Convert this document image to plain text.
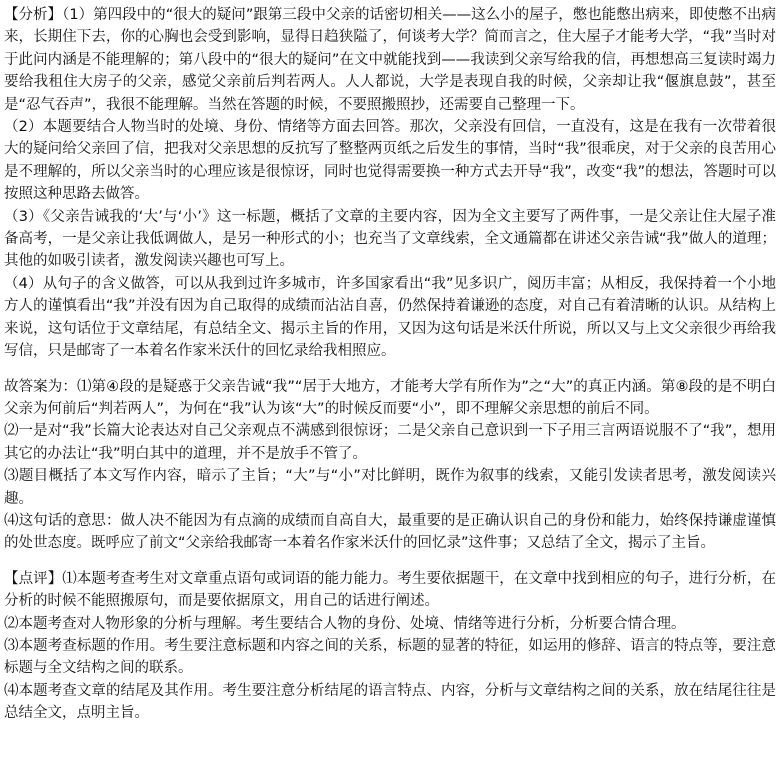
【分析】（1）第四段中的“很大的疑问”跟第三段中父亲的话密切相关——这么小的屋子，憋也能憋出病来，即使憋不出病来，长期住下去，你的心胸也会受到影响，显得日趋狭隘了，何谈考大学？简而言之，住大屋子才能考大学，“我”当时对于此问内涵是不能理解的；第八段中的“很大的疑问”在文中就能找到——我读到父亲写给我的信，再想想高三复读时竭力要给我租住大房子的父亲，感觉父亲前后判若两人。人人都说，大学是表现自我的时候，父亲却让我“偃旗息鼓”，甚至是“忍气吞声”，我很不能理解。当然在答题的时候，不要照搬照抄，还需要自己整理一下。

（2）本题要结合人物当时的处境、身份、情绪等方面去回答。那次，父亲没有回信，一直没有，这是在我有一次带着很大的疑问给父亲回了信，把我对父亲思想的反抗写了整整两页纸之后发生的事情，当时“我”很乖戾，对于父亲的良苦用心是不理解的，所以父亲当时的心理应该是很惊讶，同时也觉得需要换一种方式去开导“我”，改变“我”的想法，答题时可以按照这种思路去做答。

（3）《父亲告诫我的‘大’与‘小’》这一标题，概括了文章的主要内容，因为全文主要写了两件事，一是父亲让住大屋子准备高考，一是父亲让我低调做人，是另一种形式的小；也充当了文章线索，全文通篇都在讲述父亲告诫“我”做人的道理；其他的如吸引读者，激发阅读兴趣也可写上。

（4）从句子的含义做答，可以从我到过许多城市，许多国家看出“我”见多识广，阅历丰富；从相反，我保持着一个小地方人的谨慎看出“我”并没有因为自己取得的成绩而沾沾自喜，仍然保持着谦逊的态度，对自己有着清晰的认识。从结构上来说，这句话位于文章结尾，有总结全文、揭示主旨的作用，又因为这句话是米沃什所说，所以又与上文父亲很少再给我写信，只是邮寄了一本着名作家米沃什的回忆录给我相照应。

故答案为：⑴第④段的是疑惑于父亲告诫“我”“居于大地方，才能考大学有所作为”之“大”的真正内涵。第⑧段的是不明白父亲为何前后“判若两人”，为何在“我”认为该“大”的时候反而要“小”，即不理解父亲思想的前后不同。

⑵一是对“我”长篇大论表达对自己父亲观点不满感到很惊讶；二是父亲自己意识到一下子用三言两语说服不了“我”，想用其它的办法让“我”明白其中的道理，并不是放手不管了。

⑶题目概括了本文写作内容，暗示了主旨；“大”与“小”对比鲜明，既作为叙事的线索，又能引发读者思考，激发阅读兴趣。

⑷这句话的意思：做人决不能因为有点滴的成绩而自高自大，最重要的是正确认识自己的身份和能力，始终保持谦虚谨慎的处世态度。既呼应了前文“父亲给我邮寄一本着名作家米沃什的回忆录”这件事；又总结了全文，揭示了主旨。

【点评】⑴本题考查考生对文章重点语句或词语的能力能力。考生要依据题干，在文章中找到相应的句子，进行分析，在分析的时候不能照搬原句，而是要依据原文，用自己的话进行阐述。

⑵本题考查对人物形象的分析与理解。考生要结合人物的身份、处境、情绪等进行分析，分析要合情合理。

⑶本题考查标题的作用。考生要注意标题和内容之间的关系，标题的显著的特征，如运用的修辞、语言的特点等，要注意标题与全文结构之间的联系。

⑷本题考查文章的结尾及其作用。考生要注意分析结尾的语言特点、内容，分析与文章结构之间的关系，放在结尾往往是总结全文，点明主旨。
